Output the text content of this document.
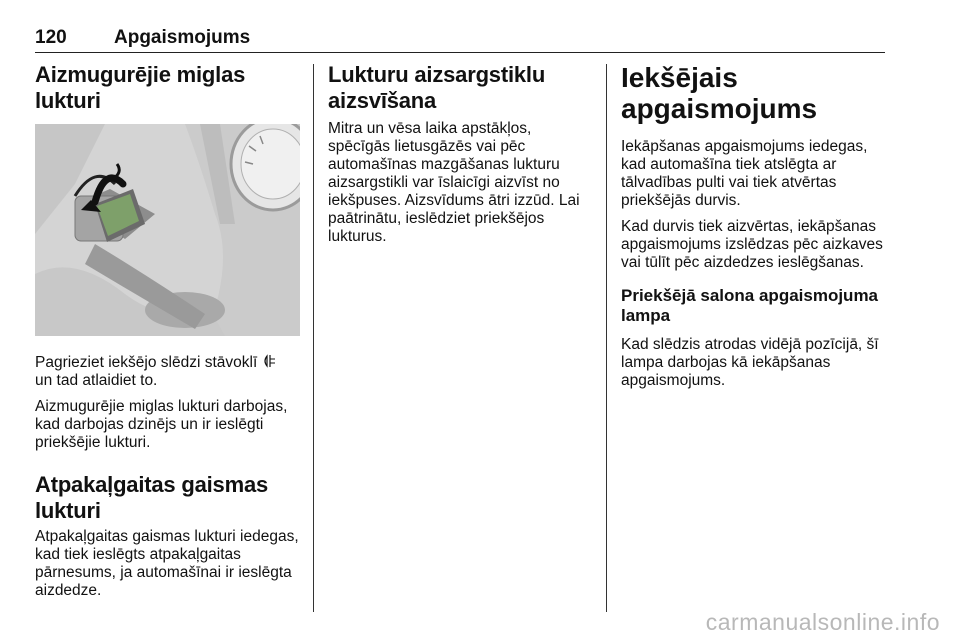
120 Apgaismojums
Aizmugurējie miglas lukturi

Pagrieziet iekšējo slēdzi stāvoklī
un tad atlaidiet to.

Aizmugurējie miglas lukturi darbojas, kad darbojas dzinējs un ir ieslēgti priekšējie lukturi.

Atpakaļgaitas gaismas lukturi

Atpakaļgaitas gaismas lukturi iedegas, kad tiek ieslēgts atpakaļgaitas pārnesums, ja automašīnai ir ieslēgta aizdedze.

Lukturu aizsargstiklu aizsvīšana

Mitra un vēsa laika apstākļos, spēcīgās lietusgāzēs vai pēc automašīnas mazgāšanas lukturu aizsargstikli var īslaicīgi aizvīst no iekšpuses. Aizsvīdums ātri izzūd. Lai paātrinātu, ieslēdziet priekšējos lukturus.

Iekšējais apgaismojums

Iekāpšanas apgaismojums iedegas, kad automašīna tiek atslēgta ar tālvadības pulti vai tiek atvērtas priekšējās durvis.

Kad durvis tiek aizvērtas, iekāpšanas apgaismojums izslēdzas pēc aizkaves vai tūlīt pēc aizdedzes ieslēgšanas.

Priekšējā salona apgaismojuma lampa

Kad slēdzis atrodas vidējā pozīcijā, šī lampa darbojas kā iekāpšanas apgaismojums.

carmanualsonline.info
